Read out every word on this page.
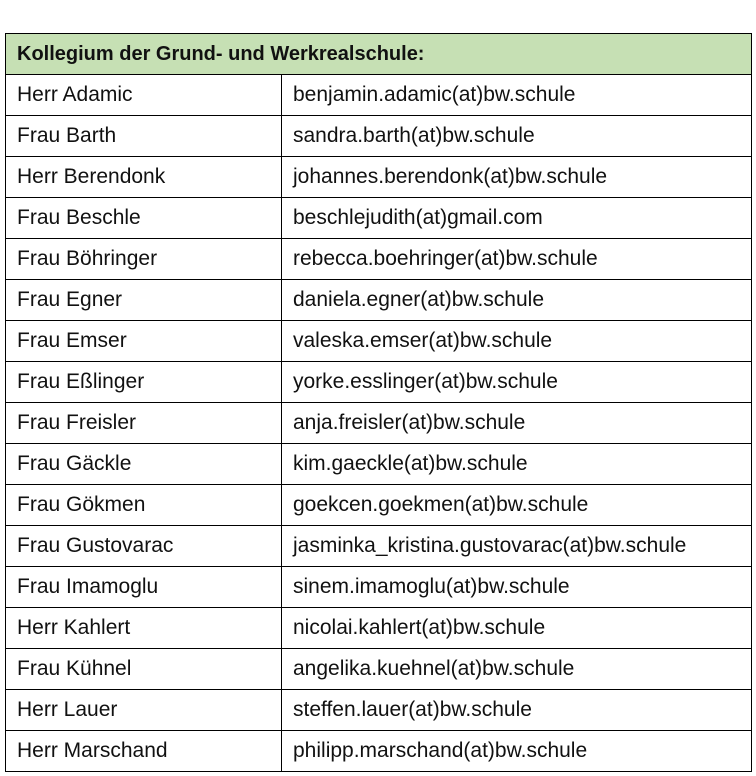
Kollegium der Grund- und Werkrealschule:	
Herr Adamic	benjamin.adamic(at)bw.schule
Frau Barth	sandra.barth(at)bw.schule
Herr Berendonk	johannes.berendonk(at)bw.schule
Frau Beschle	beschlejudith(at)gmail.com
Frau Böhringer	rebecca.boehringer(at)bw.schule
Frau Egner	daniela.egner(at)bw.schule
Frau Emser	valeska.emser(at)bw.schule
Frau Eßlinger	yorke.esslinger(at)bw.schule
Frau Freisler	anja.freisler(at)bw.schule
Frau Gäckle	kim.gaeckle(at)bw.schule
Frau Gökmen	goekcen.goekmen(at)bw.schule
Frau Gustovarac	jasminka_kristina.gustovarac(at)bw.schule
Frau Imamoglu	sinem.imamoglu(at)bw.schule
Herr Kahlert	nicolai.kahlert(at)bw.schule
Frau Kühnel	angelika.kuehnel(at)bw.schule
Herr Lauer	steffen.lauer(at)bw.schule
Herr Marschand	philipp.marschand(at)bw.schule
